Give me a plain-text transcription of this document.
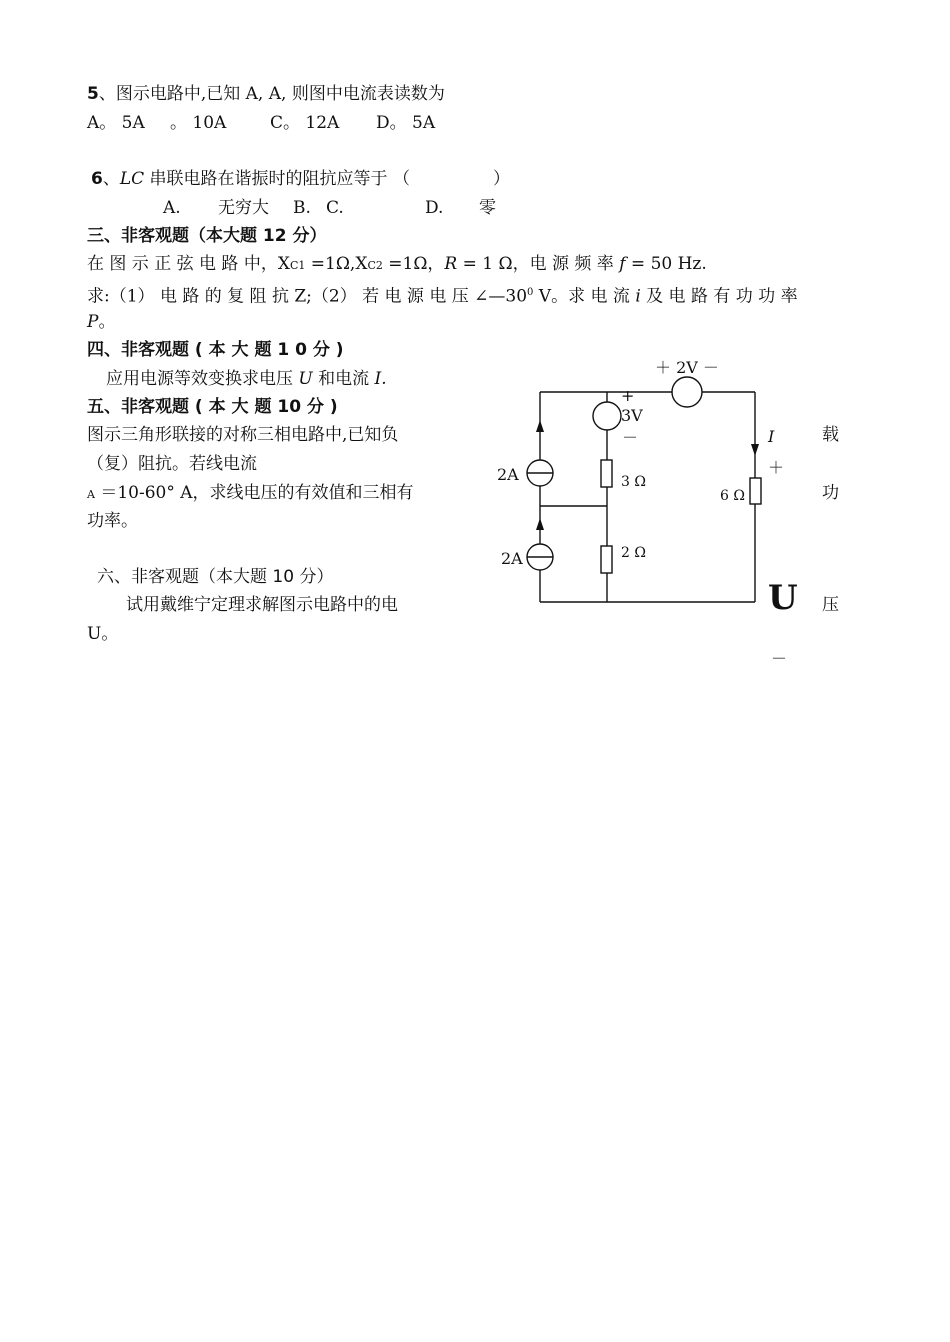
5、图示电路中,已知 A, A, 则图中电流表读数为
A。 5A 。 10A	C。 12A D。 5A
6、LC 串联电路在谐振时的阻抗应等于 （	）
A. 无穷大 B. C.	D. 零
三、非客观题（本大题 12 分）
在 图 示 正 弦 电 路 中，XC1 =1Ω,XC2 =1Ω，R = 1 Ω，电 源 频 率 f = 50 Hz.
求:（1） 电 路 的 复 阻 抗 Z;（2） 若 电 源 电 压 $\angle—30^0$ V。求 电 流 i 及 电 路 有 功 功 率
P。
四、非客观题 ( 本 大 题 1 0 分 )
应用电源等效变换求电压 U 和电流 I.
五、非客观题 ( 本 大 题 10 分 )
图示三角形联接的对称三相电路中,已知负
（复）阻抗。若线电流
A ＝10-60° A，求线电压的有效值和三相有
功率。
载
功
六、非客观题（本大题 10 分）
试用戴维宁定理求解图示电路中的电
U。
压
＋ 2V －
+
3V
－	I
＋
2A	3 Ω
6 Ω
2A	2 Ω
U
－
